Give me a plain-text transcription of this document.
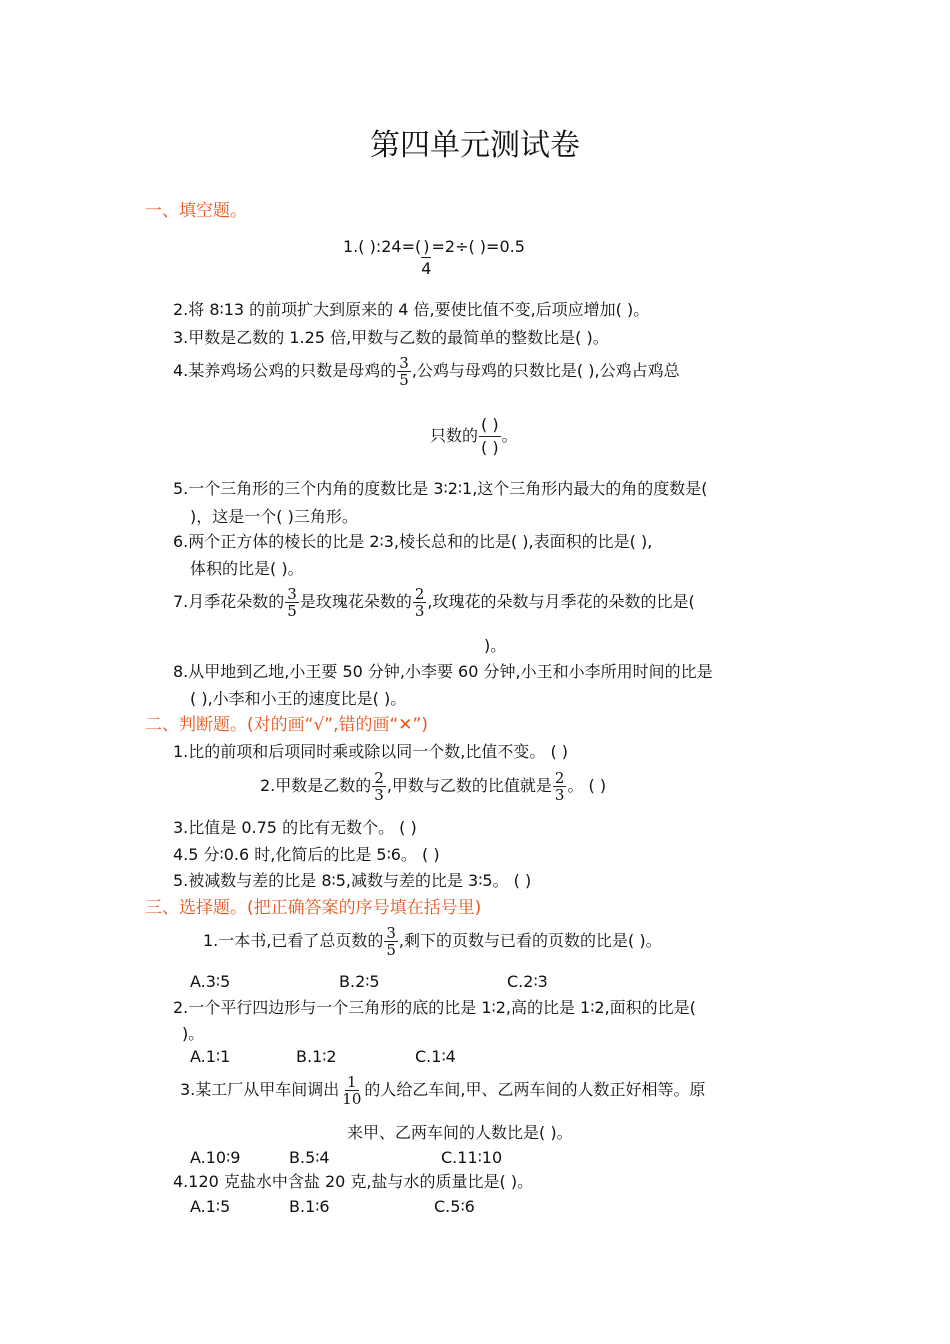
第四单元测试卷
一、填空题。
1.( ):24=( )
4
=2÷( )=0.5
2.将 8∶13 的前项扩大到原来的 4 倍,要使比值不变,后项应增加( )。
3.甲数是乙数的 1.25 倍,甲数与乙数的最简单的整数比是( )。
4.某养鸡场公鸡的只数是母鸡的 $\frac{3}{5}$ ,公鸡与母鸡的只数比是( ),公鸡占鸡总
只数的 $\frac{( )}{( )}$ 。
5.一个三角形的三个内角的度数比是 3∶2∶1,这个三角形内最大的角的度数是(
)，这是一个( )三角形。
6.两个正方体的棱长的比是 2∶3,棱长总和的比是( ),表面积的比是( ),
体积的比是( )。
7.月季花朵数的 $\frac{3}{5}$ 是玫瑰花朵数的 $\frac{2}{3}$ ,玫瑰花的朵数与月季花的朵数的比是(
)。
8.从甲地到乙地,小王要 50 分钟,小李要 60 分钟,小王和小李所用时间的比是
( ),小李和小王的速度比是( )。
二、判断题。(对的画“√”,错的画“✕”)
1.比的前项和后项同时乘或除以同一个数,比值不变。 ( )
2.甲数是乙数的 $\frac{2}{3}$ ,甲数与乙数的比值就是 $\frac{2}{3}$ 。 ( )
3.比值是 0.75 的比有无数个。 ( )
4.5 分∶0.6 时,化简后的比是 5∶6。 ( )
5.被减数与差的比是 8∶5,减数与差的比是 3∶5。 ( )
三、选择题。(把正确答案的序号填在括号里)
1.一本书,已看了总页数的 $\frac{3}{5}$ ,剩下的页数与已看的页数的比是( )。
A.3∶5	B.2∶5	C.2∶3
2.一个平行四边形与一个三角形的底的比是 1∶2,高的比是 1∶2,面积的比是(
)。
A.1∶1	B.1∶2	C.1∶4
3.某工厂从甲车间调出 $\frac{1}{10}$ 的人给乙车间,甲、乙两车间的人数正好相等。原
来甲、乙两车间的人数比是( )。
A.10∶9	B.5∶4	C.11∶10
4.120 克盐水中含盐 20 克,盐与水的质量比是( )。
A.1∶5	B.1∶6	C.5∶6
